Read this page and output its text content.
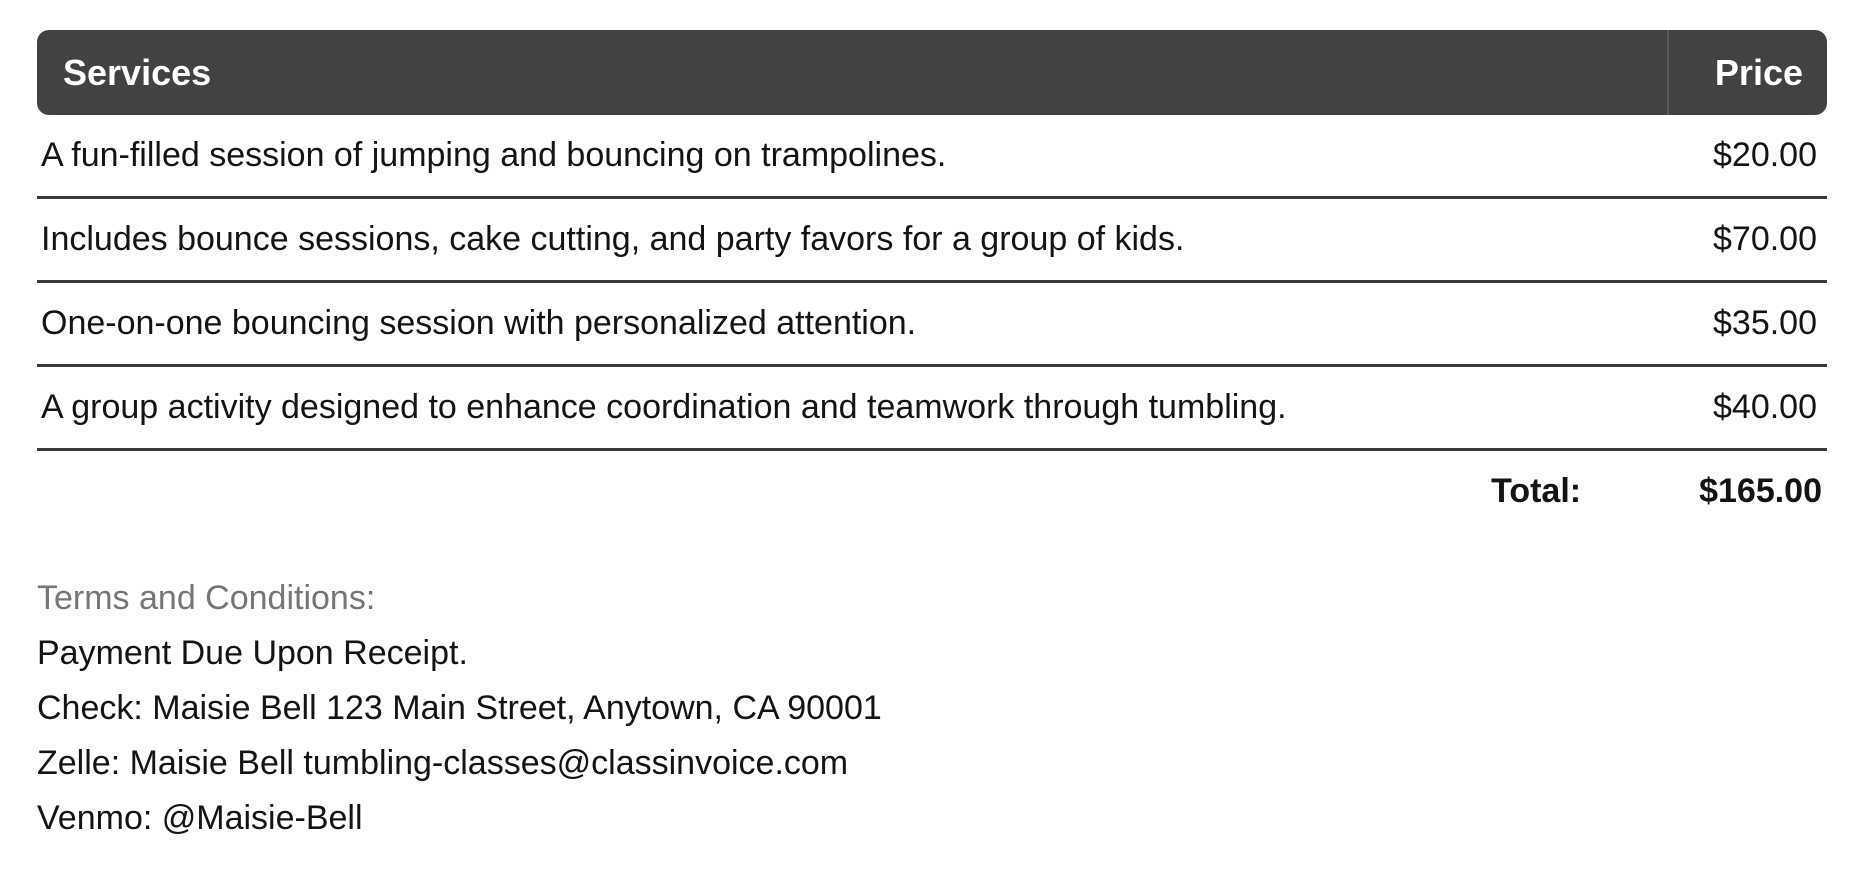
Services	Price
A fun-filled session of jumping and bouncing on trampolines.	$20.00
Includes bounce sessions, cake cutting, and party favors for a group of kids.	$70.00
One-on-one bouncing session with personalized attention.	$35.00
A group activity designed to enhance coordination and teamwork through tumbling.	$40.00
Total:	$165.00
Terms and Conditions:
Payment Due Upon Receipt.
Check: Maisie Bell 123 Main Street, Anytown, CA 90001
Zelle: Maisie Bell tumbling-classes@classinvoice.com
Venmo: @Maisie-Bell
